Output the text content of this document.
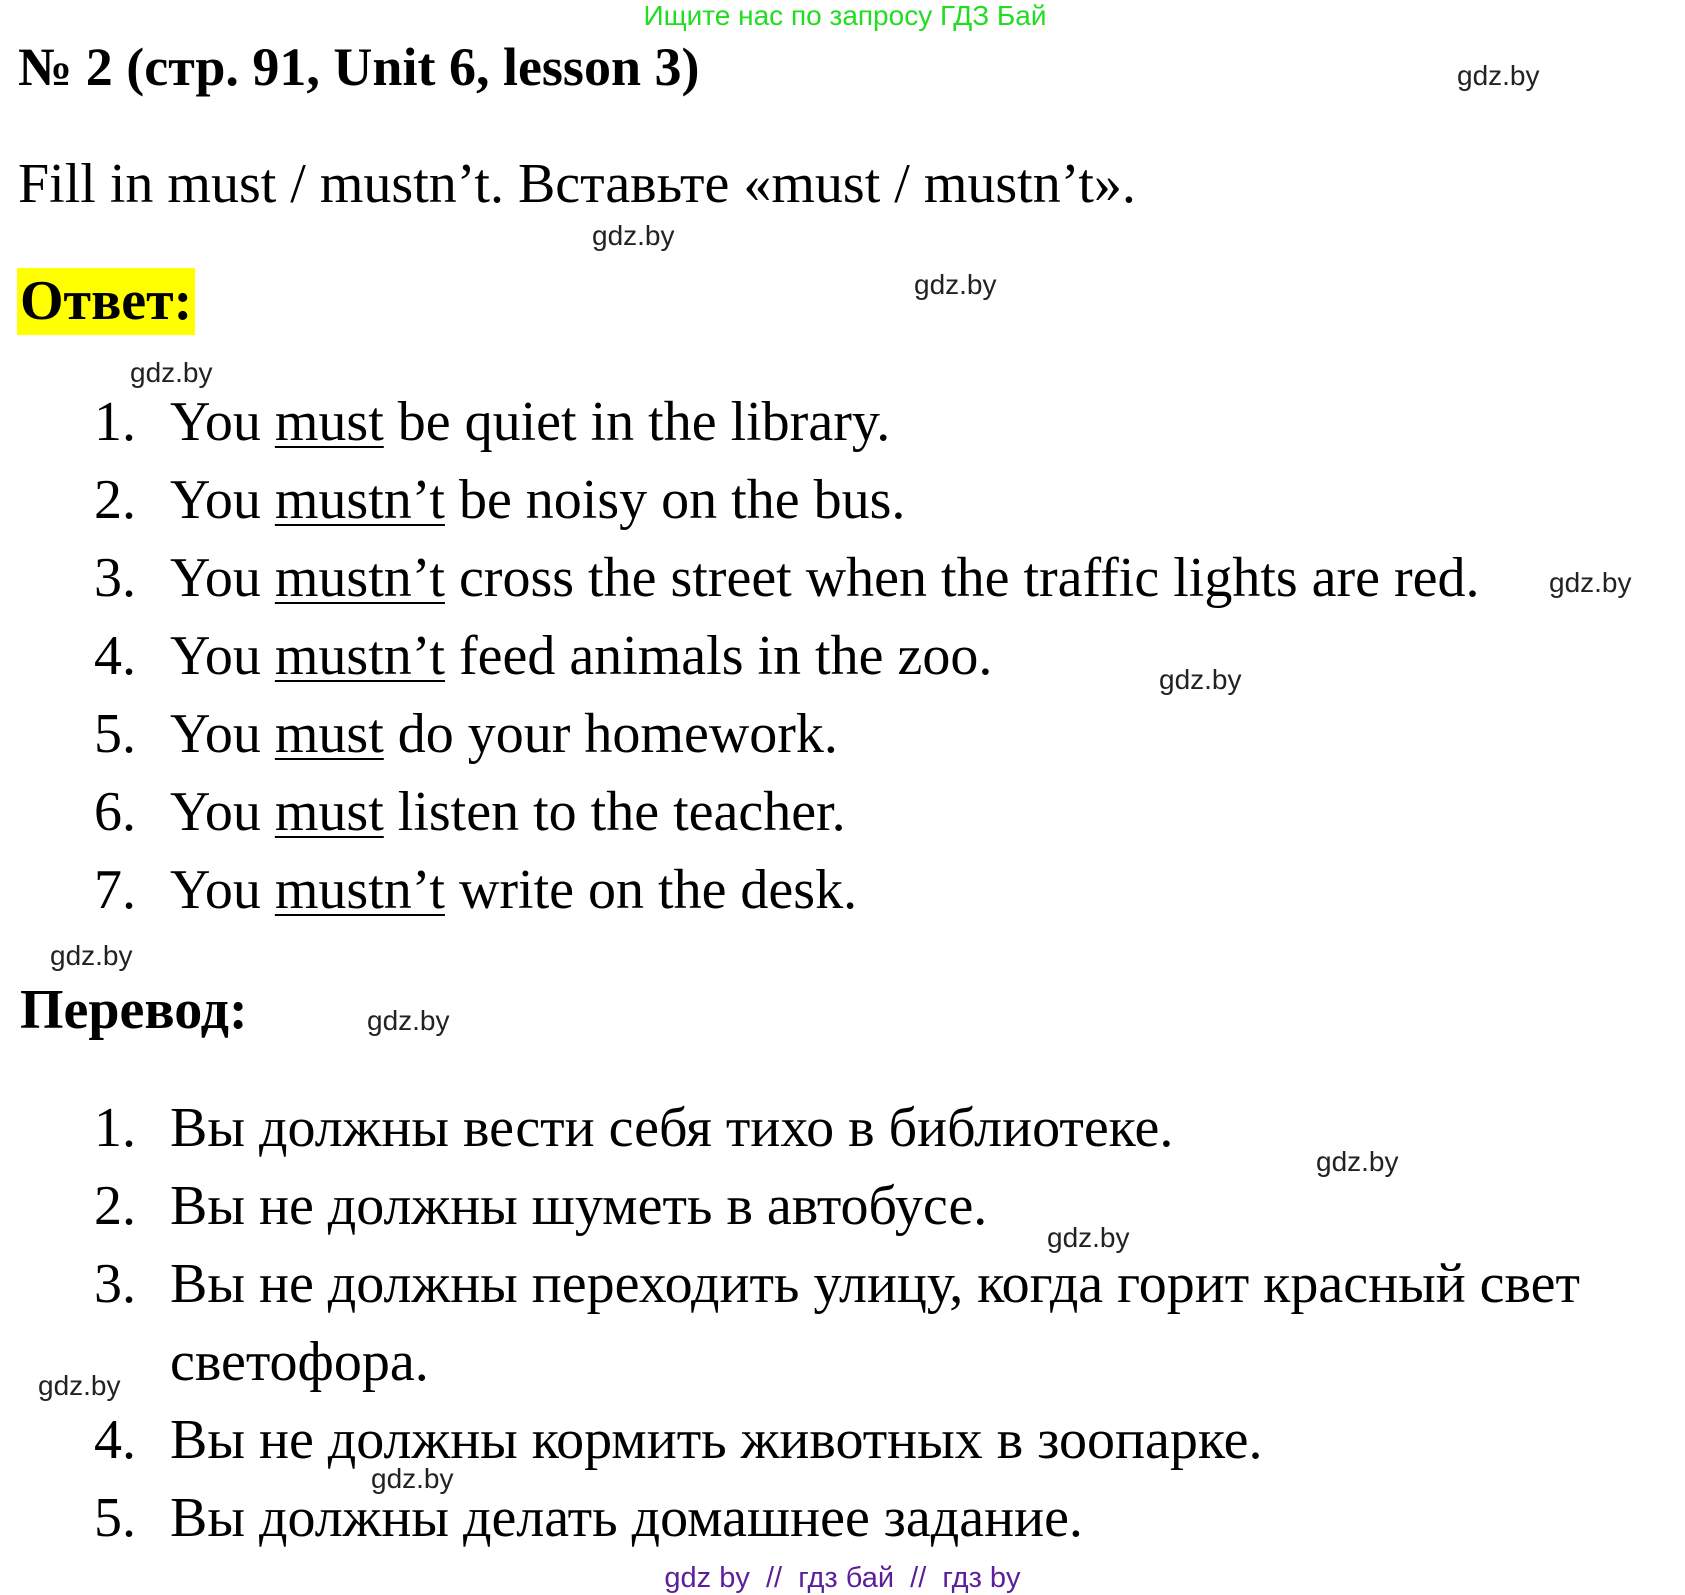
Ищите нас по запросу ГДЗ Бай
№ 2 (стр. 91, Unit 6, lesson 3)
Fill in must / mustn’t. Вставьте «must / mustn’t».
Ответ:
1. You must be quiet in the library.
2. You mustn’t be noisy on the bus.
3. You mustn’t cross the street when the traffic lights are red.
4. You mustn’t feed animals in the zoo.
5. You must do your homework.
6. You must listen to the teacher.
7. You mustn’t write on the desk.
Перевод:
1. Вы должны вести себя тихо в библиотеке.
2. Вы не должны шуметь в автобусе.
3. Вы не должны переходить улицу, когда горит красный свет
светофора.
4. Вы не должны кормить животных в зоопарке.
5. Вы должны делать домашнее задание.
gdz.by
gdz.by
gdz.by
gdz.by
gdz.by
gdz.by
gdz.by
gdz.by
gdz.by
gdz.by
gdz.by
gdz.by
gdz by  //  гдз бай  //  гдз by
